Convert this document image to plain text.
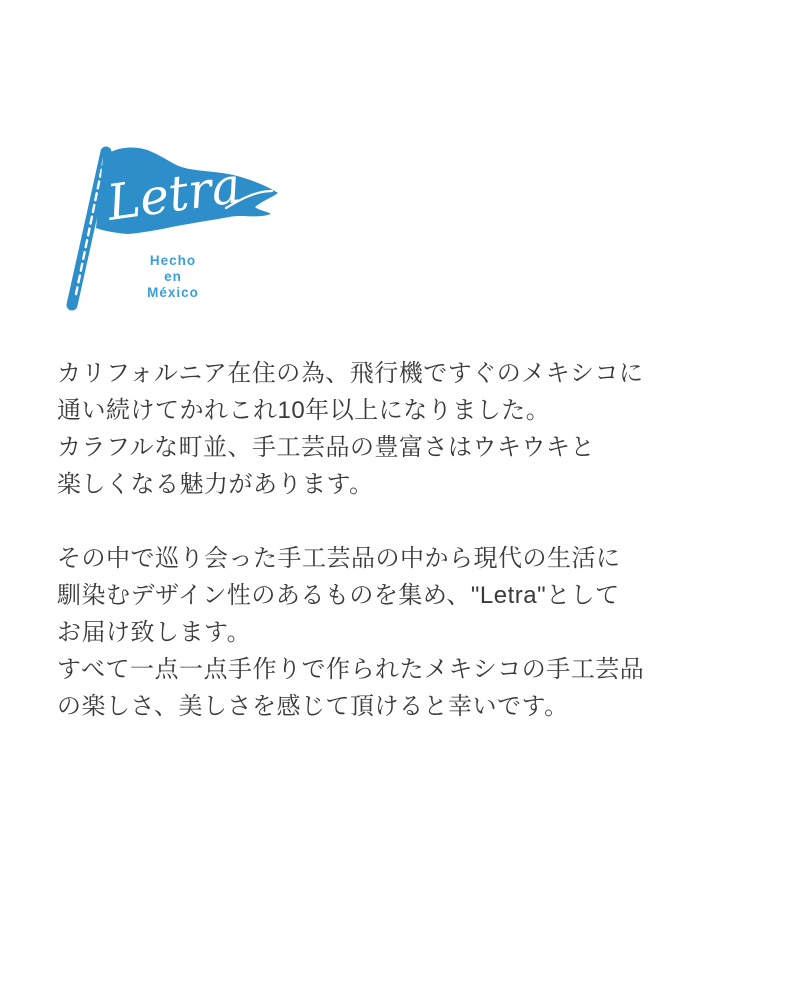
Letra
Hecho
en
México

カリフォルニア在住の為、飛行機ですぐのメキシコに
通い続けてかれこれ10年以上になりました。
カラフルな町並、手工芸品の豊富さはウキウキと
楽しくなる魅力があります。

その中で巡り会った手工芸品の中から現代の生活に
馴染むデザイン性のあるものを集め、"Letra"として
お届け致します。
すべて一点一点手作りで作られたメキシコの手工芸品
の楽しさ、美しさを感じて頂けると幸いです。
